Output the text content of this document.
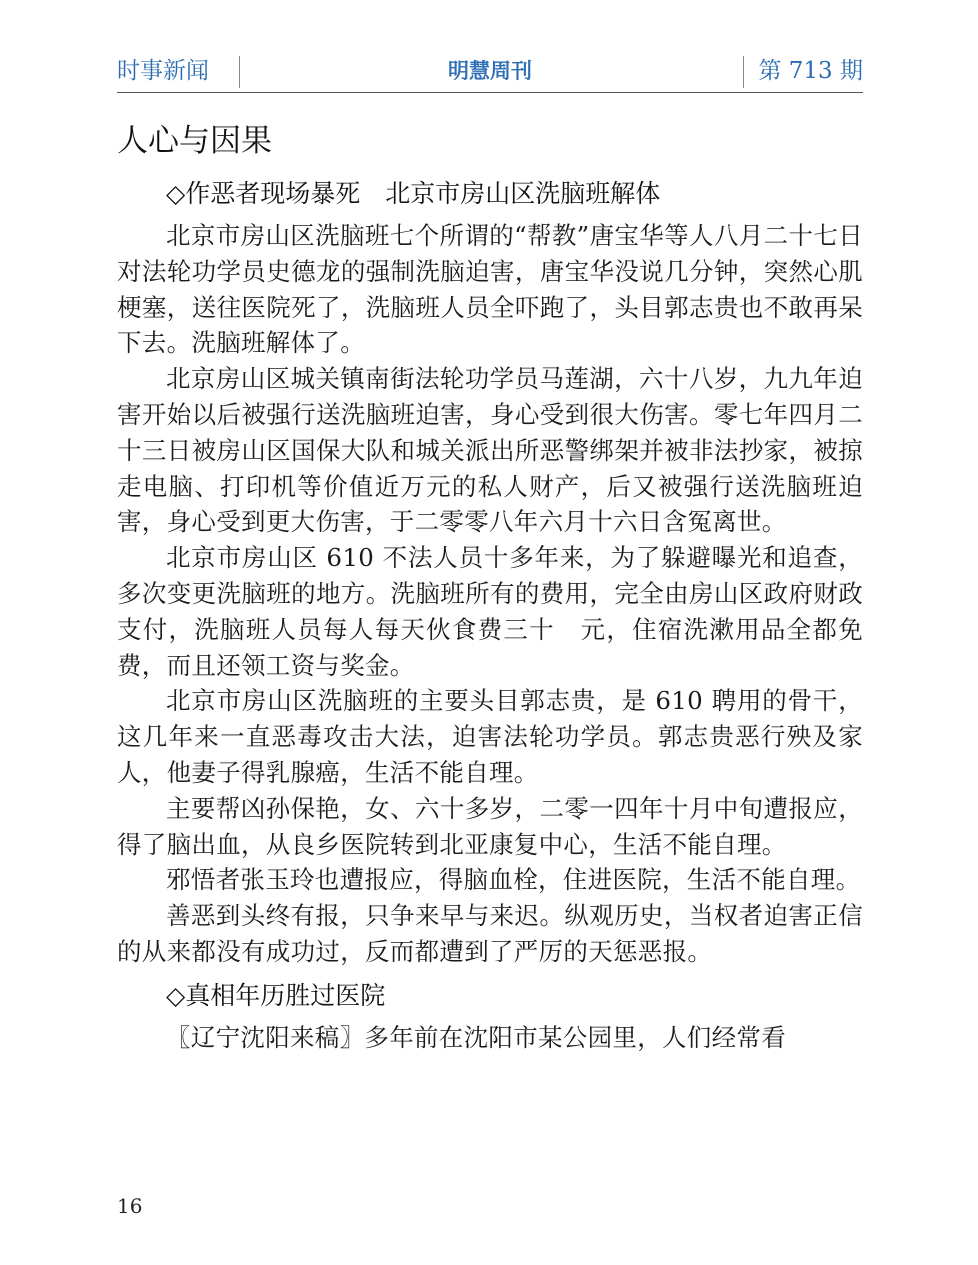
时事新闻	明慧周刊	第 713 期
人心与因果
◇作恶者现场暴死　北京市房山区洗脑班解体

北京市房山区洗脑班七个所谓的“帮教”唐宝华等人八月二十七日对法轮功学员史德龙的强制洗脑迫害，唐宝华没说几分钟，突然心肌梗塞，送往医院死了，洗脑班人员全吓跑了，头目郭志贵也不敢再呆下去。洗脑班解体了。

北京房山区城关镇南街法轮功学员马莲湖，六十八岁，九九年迫害开始以后被强行送洗脑班迫害，身心受到很大伤害。零七年四月二十三日被房山区国保大队和城关派出所恶警绑架并被非法抄家，被掠走电脑、打印机等价值近万元的私人财产，后又被强行送洗脑班迫害，身心受到更大伤害，于二零零八年六月十六日含冤离世。

北京市房山区 610 不法人员十多年来，为了躲避曝光和追查，多次变更洗脑班的地方。洗脑班所有的费用，完全由房山区政府财政支付，洗脑班人员每人每天伙食费三十　元，住宿洗漱用品全都免费，而且还领工资与奖金。

北京市房山区洗脑班的主要头目郭志贵，是 610 聘用的骨干，这几年来一直恶毒攻击大法，迫害法轮功学员。郭志贵恶行殃及家人，他妻子得乳腺癌，生活不能自理。

主要帮凶孙保艳，女、六十多岁，二零一四年十月中旬遭报应，得了脑出血，从良乡医院转到北亚康复中心，生活不能自理。

邪悟者张玉玲也遭报应，得脑血栓，住进医院，生活不能自理。

善恶到头终有报，只争来早与来迟。纵观历史，当权者迫害正信的从来都没有成功过，反而都遭到了严厉的天惩恶报。

◇真相年历胜过医院

〖辽宁沈阳来稿〗多年前在沈阳市某公园里，人们经常看

16
